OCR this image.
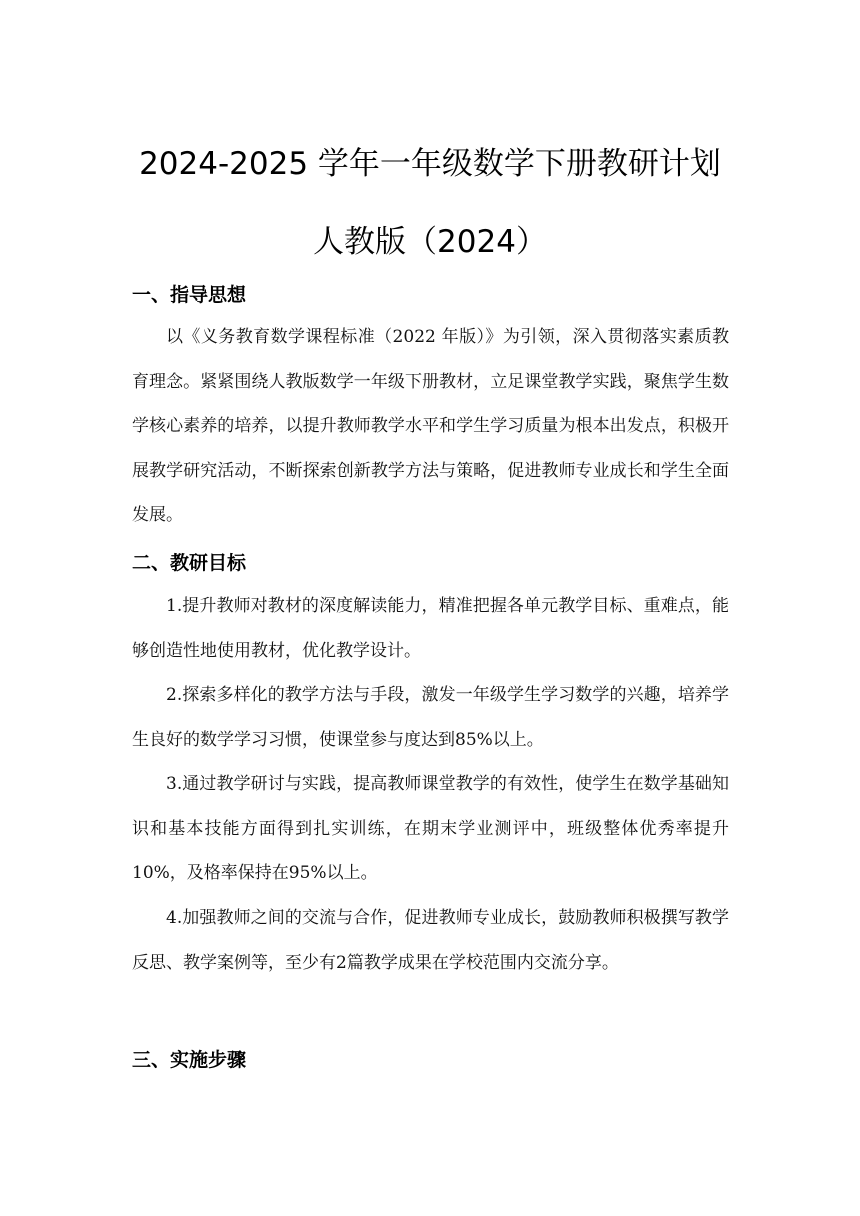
2024-2025 学年一年级数学下册教研计划
人教版（2024）
一、指导思想

以《义务教育数学课程标准（2022 年版）》为引领，深入贯彻落实素质教育理念。紧紧围绕人教版数学一年级下册教材，立足课堂教学实践，聚焦学生数学核心素养的培养，以提升教师教学水平和学生学习质量为根本出发点，积极开展教学研究活动，不断探索创新教学方法与策略，促进教师专业成长和学生全面发展。

二、教研目标

1.提升教师对教材的深度解读能力，精准把握各单元教学目标、重难点，能够创造性地使用教材，优化教学设计。

2.探索多样化的教学方法与手段，激发一年级学生学习数学的兴趣，培养学生良好的数学学习习惯，使课堂参与度达到85%以上。

3.通过教学研讨与实践，提高教师课堂教学的有效性，使学生在数学基础知识和基本技能方面得到扎实训练，在期末学业测评中，班级整体优秀率提升10%，及格率保持在95%以上。

4.加强教师之间的交流与合作，促进教师专业成长，鼓励教师积极撰写教学反思、教学案例等，至少有2篇教学成果在学校范围内交流分享。

三、实施步骤
